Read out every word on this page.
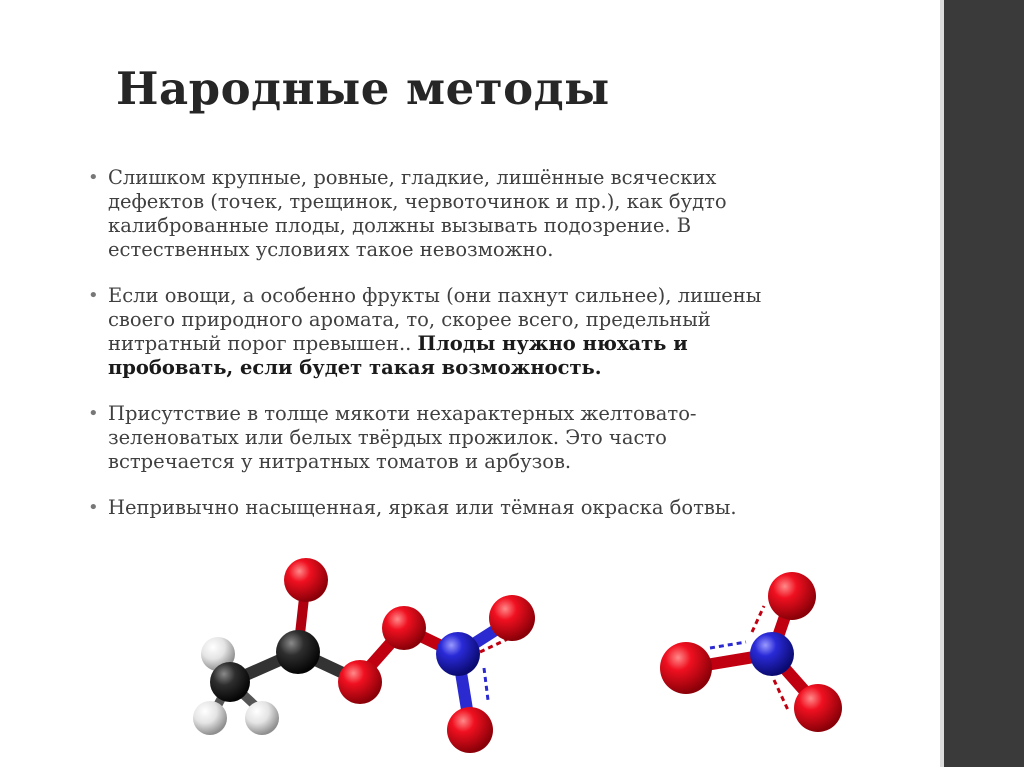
Народные методы
• Слишком крупные, ровные, гладкие, лишённые всяческих дефектов (точек, трещинок, червоточинок и пр.), как будто калиброванные плоды, должны вызывать подозрение. В естественных условиях такое невозможно.
• Если овощи, а особенно фрукты (они пахнут сильнее), лишены своего природного аромата, то, скорее всего, предельный нитратный порог превышен.. Плоды нужно нюхать и пробовать, если будет такая возможность.
• Присутствие в толще мякоти нехарактерных желтовато-зеленоватых или белых твёрдых прожилок. Это часто встречается у нитратных томатов и арбузов.
• Непривычно насыщенная, яркая или тёмная окраска ботвы.
